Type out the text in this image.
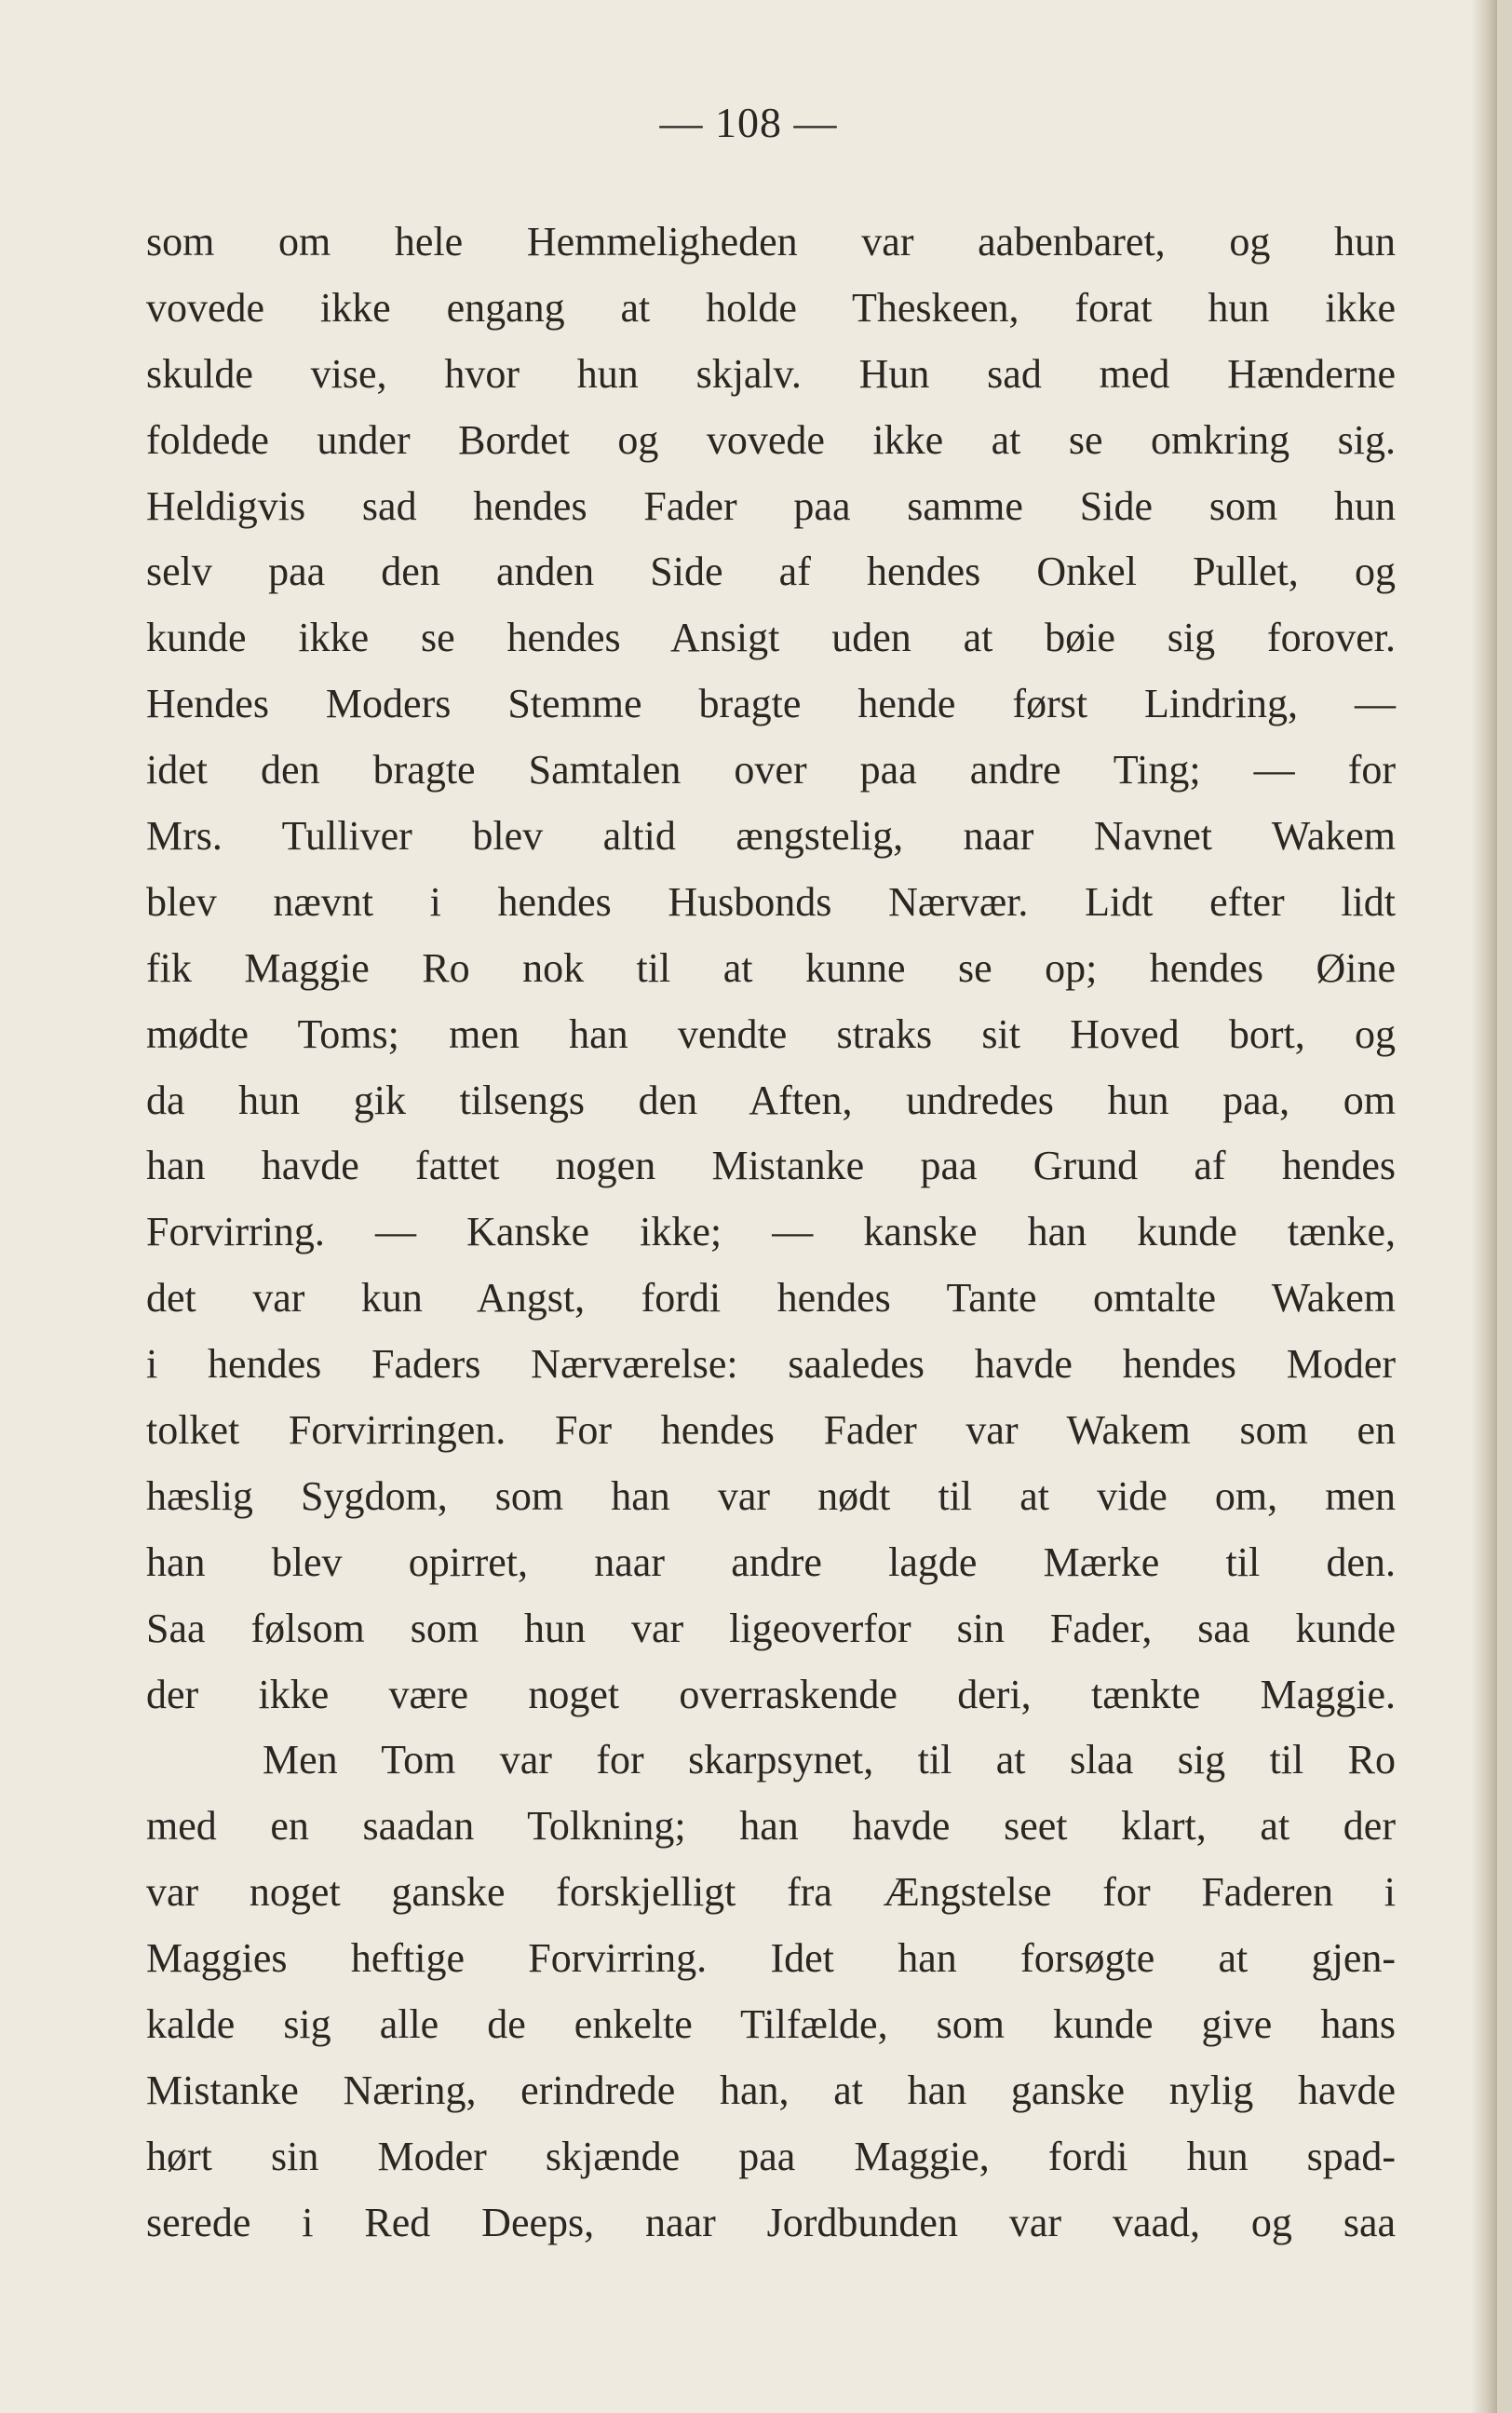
— 108 —
som om hele Hemmeligheden var aabenbaret, og hun
vovede ikke engang at holde Theskeen, forat hun ikke
skulde vise, hvor hun skjalv. Hun sad med Hænderne
foldede under Bordet og vovede ikke at se omkring sig.
Heldigvis sad hendes Fader paa samme Side som hun
selv paa den anden Side af hendes Onkel Pullet, og
kunde ikke se hendes Ansigt uden at bøie sig forover.
Hendes Moders Stemme bragte hende først Lindring, —
idet den bragte Samtalen over paa andre Ting; — for
Mrs. Tulliver blev altid ængstelig, naar Navnet Wakem
blev nævnt i hendes Husbonds Nærvær. Lidt efter lidt
fik Maggie Ro nok til at kunne se op; hendes Øine
mødte Toms; men han vendte straks sit Hoved bort, og
da hun gik tilsengs den Aften, undredes hun paa, om
han havde fattet nogen Mistanke paa Grund af hendes
Forvirring. — Kanske ikke; — kanske han kunde tænke,
det var kun Angst, fordi hendes Tante omtalte Wakem
i hendes Faders Nærværelse: saaledes havde hendes Moder
tolket Forvirringen. For hendes Fader var Wakem som en
hæslig Sygdom, som han var nødt til at vide om, men
han blev opirret, naar andre lagde Mærke til den.
Saa følsom som hun var ligeoverfor sin Fader, saa kunde
der ikke være noget overraskende deri, tænkte Maggie.
Men Tom var for skarpsynet, til at slaa sig til Ro
med en saadan Tolkning; han havde seet klart, at der
var noget ganske forskjelligt fra Ængstelse for Faderen i
Maggies heftige Forvirring. Idet han forsøgte at gjen-
kalde sig alle de enkelte Tilfælde, som kunde give hans
Mistanke Næring, erindrede han, at han ganske nylig havde
hørt sin Moder skjænde paa Maggie, fordi hun spad-
serede i Red Deeps, naar Jordbunden var vaad, og saa
